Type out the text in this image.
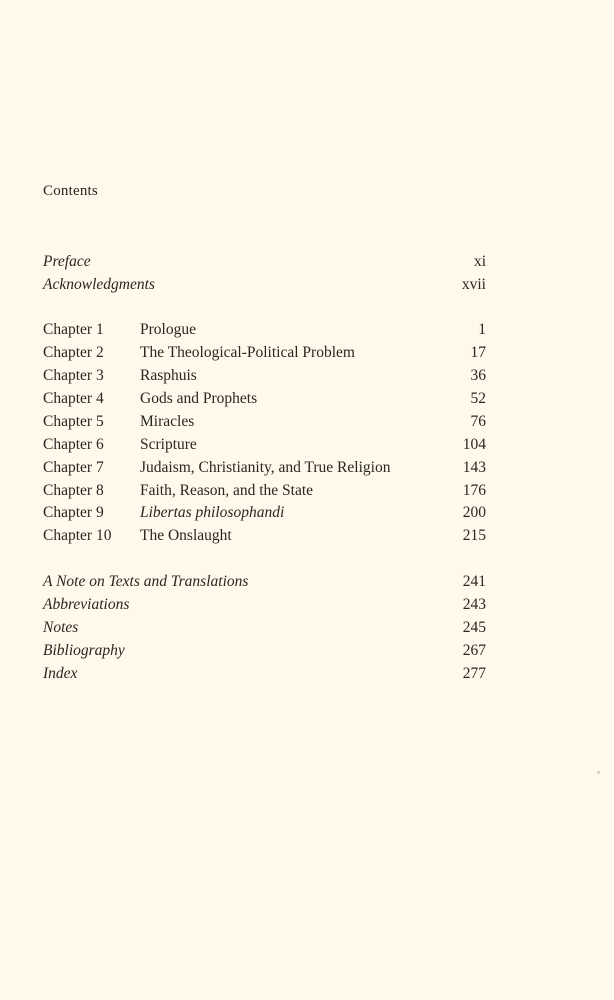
Contents
Preface	xi
Acknowledgments	xvii
Chapter 1 Prologue	1
Chapter 2 The Theological-Political Problem	17
Chapter 3 Rasphuis	36
Chapter 4 Gods and Prophets	52
Chapter 5 Miracles	76
Chapter 6 Scripture	104
Chapter 7 Judaism, Christianity, and True Religion	143
Chapter 8 Faith, Reason, and the State	176
Chapter 9 Libertas philosophandi	200
Chapter 10 The Onslaught	215
A Note on Texts and Translations	241
Abbreviations	243
Notes	245
Bibliography	267
Index	277
